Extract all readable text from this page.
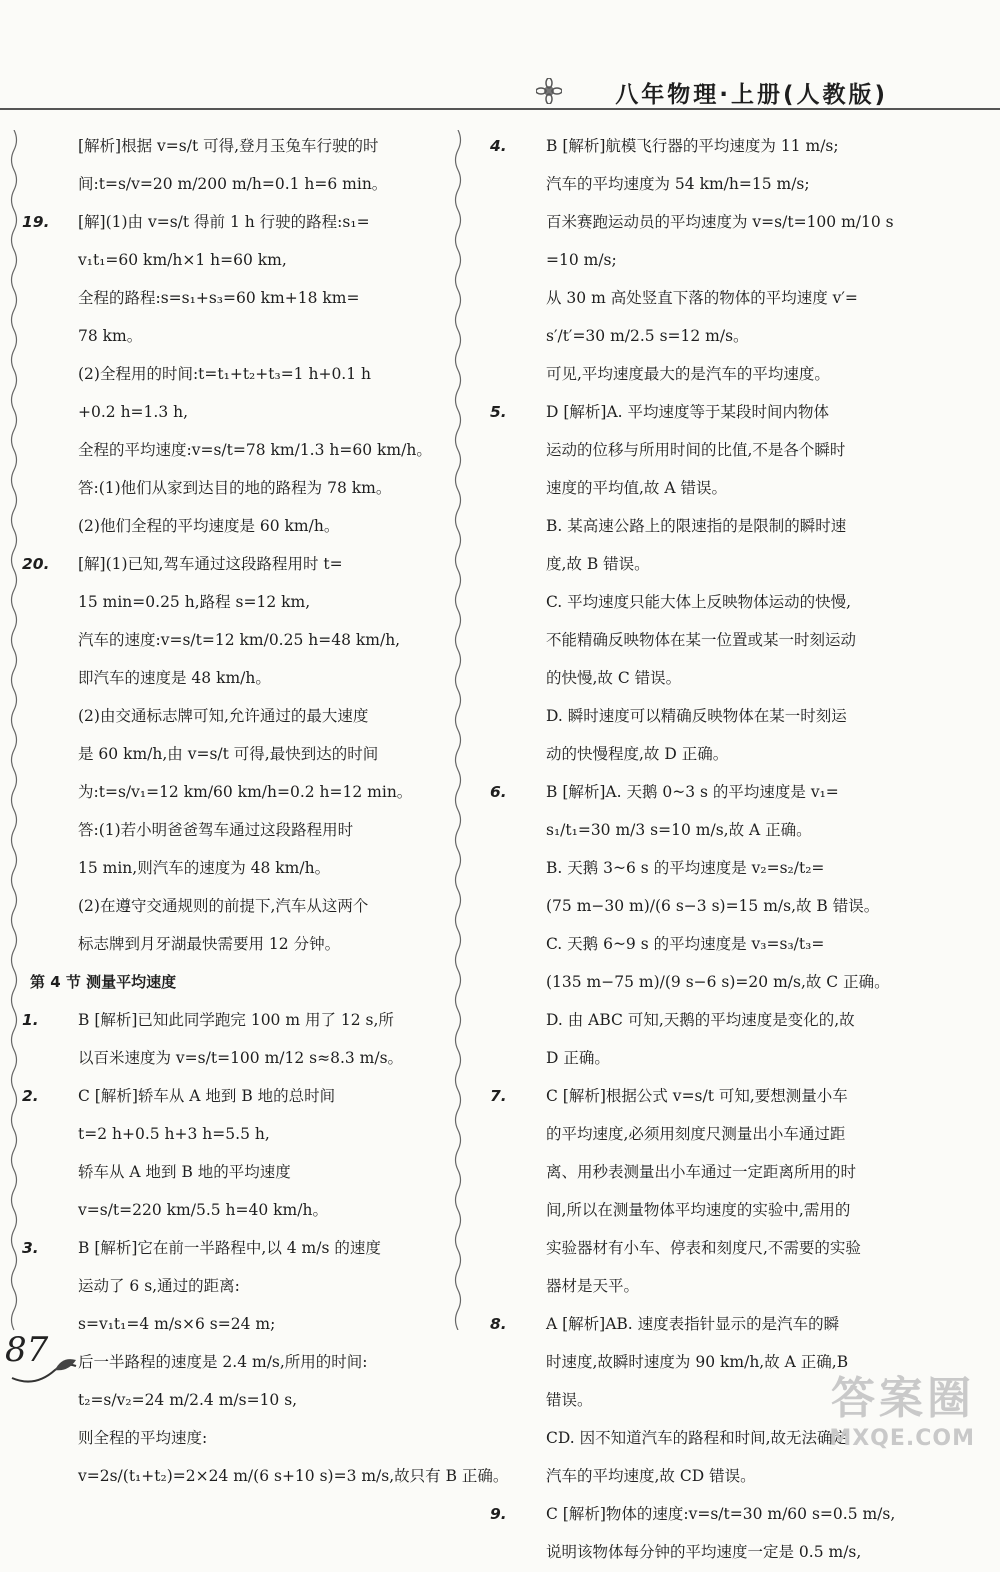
八年物理·上册(人教版)
[解析]根据 v=s/t 可得,登月玉兔车行驶的时
间:t=s/v=20 m/200 m/h=0.1 h=6 min。
19. [解](1)由 v=s/t 得前 1 h 行驶的路程:s₁=
v₁t₁=60 km/h×1 h=60 km,
全程的路程:s=s₁+s₃=60 km+18 km=
78 km。
(2)全程用的时间:t=t₁+t₂+t₃=1 h+0.1 h
+0.2 h=1.3 h,
全程的平均速度:v=s/t=78 km/1.3 h=60 km/h。
答:(1)他们从家到达目的地的路程为 78 km。
(2)他们全程的平均速度是 60 km/h。
20. [解](1)已知,驾车通过这段路程用时 t=
15 min=0.25 h,路程 s=12 km,
汽车的速度:v=s/t=12 km/0.25 h=48 km/h,
即汽车的速度是 48 km/h。
(2)由交通标志牌可知,允许通过的最大速度
是 60 km/h,由 v=s/t 可得,最快到达的时间
为:t=s/v₁=12 km/60 km/h=0.2 h=12 min。
答:(1)若小明爸爸驾车通过这段路程用时
15 min,则汽车的速度为 48 km/h。
(2)在遵守交通规则的前提下,汽车从这两个
标志牌到月牙湖最快需要用 12 分钟。
第 4 节 测量平均速度
1.	B [解析]已知此同学跑完 100 m 用了 12 s,所
以百米速度为 v=s/t=100 m/12 s≈8.3 m/s。
2.	C [解析]轿车从 A 地到 B 地的总时间
t=2 h+0.5 h+3 h=5.5 h,
轿车从 A 地到 B 地的平均速度
v=s/t=220 km/5.5 h=40 km/h。
3.	B [解析]它在前一半路程中,以 4 m/s 的速度
运动了 6 s,通过的距离:
s=v₁t₁=4 m/s×6 s=24 m;
后一半路程的速度是 2.4 m/s,所用的时间:
t₂=s/v₂=24 m/2.4 m/s=10 s,
则全程的平均速度:
v=2s/(t₁+t₂)=2×24 m/(6 s+10 s)=3 m/s,故只有 B 正确。
4.	B [解析]航模飞行器的平均速度为 11 m/s;
汽车的平均速度为 54 km/h=15 m/s;
百米赛跑运动员的平均速度为 v=s/t=100 m/10 s
=10 m/s;
从 30 m 高处竖直下落的物体的平均速度 v′=
s′/t′=30 m/2.5 s=12 m/s。
可见,平均速度最大的是汽车的平均速度。
5.	D [解析]A. 平均速度等于某段时间内物体
运动的位移与所用时间的比值,不是各个瞬时
速度的平均值,故 A 错误。
B. 某高速公路上的限速指的是限制的瞬时速
度,故 B 错误。
C. 平均速度只能大体上反映物体运动的快慢,
不能精确反映物体在某一位置或某一时刻运动
的快慢,故 C 错误。
D. 瞬时速度可以精确反映物体在某一时刻运
动的快慢程度,故 D 正确。
6.	B [解析]A. 天鹅 0~3 s 的平均速度是 v₁=
s₁/t₁=30 m/3 s=10 m/s,故 A 正确。
B. 天鹅 3~6 s 的平均速度是 v₂=s₂/t₂=
(75 m−30 m)/(6 s−3 s)=15 m/s,故 B 错误。
C. 天鹅 6~9 s 的平均速度是 v₃=s₃/t₃=
(135 m−75 m)/(9 s−6 s)=20 m/s,故 C 正确。
D. 由 ABC 可知,天鹅的平均速度是变化的,故
D 正确。
7.	C [解析]根据公式 v=s/t 可知,要想测量小车
的平均速度,必须用刻度尺测量出小车通过距
离、用秒表测量出小车通过一定距离所用的时
间,所以在测量物体平均速度的实验中,需用的
实验器材有小车、停表和刻度尺,不需要的实验
器材是天平。
8.	A [解析]AB. 速度表指针显示的是汽车的瞬
时速度,故瞬时速度为 90 km/h,故 A 正确,B
错误。
CD. 因不知道汽车的路程和时间,故无法确定
汽车的平均速度,故 CD 错误。
9.	C [解析]物体的速度:v=s/t=30 m/60 s=0.5 m/s,
说明该物体每分钟的平均速度一定是 0.5 m/s,
87
答案圈
MXQE.COM
